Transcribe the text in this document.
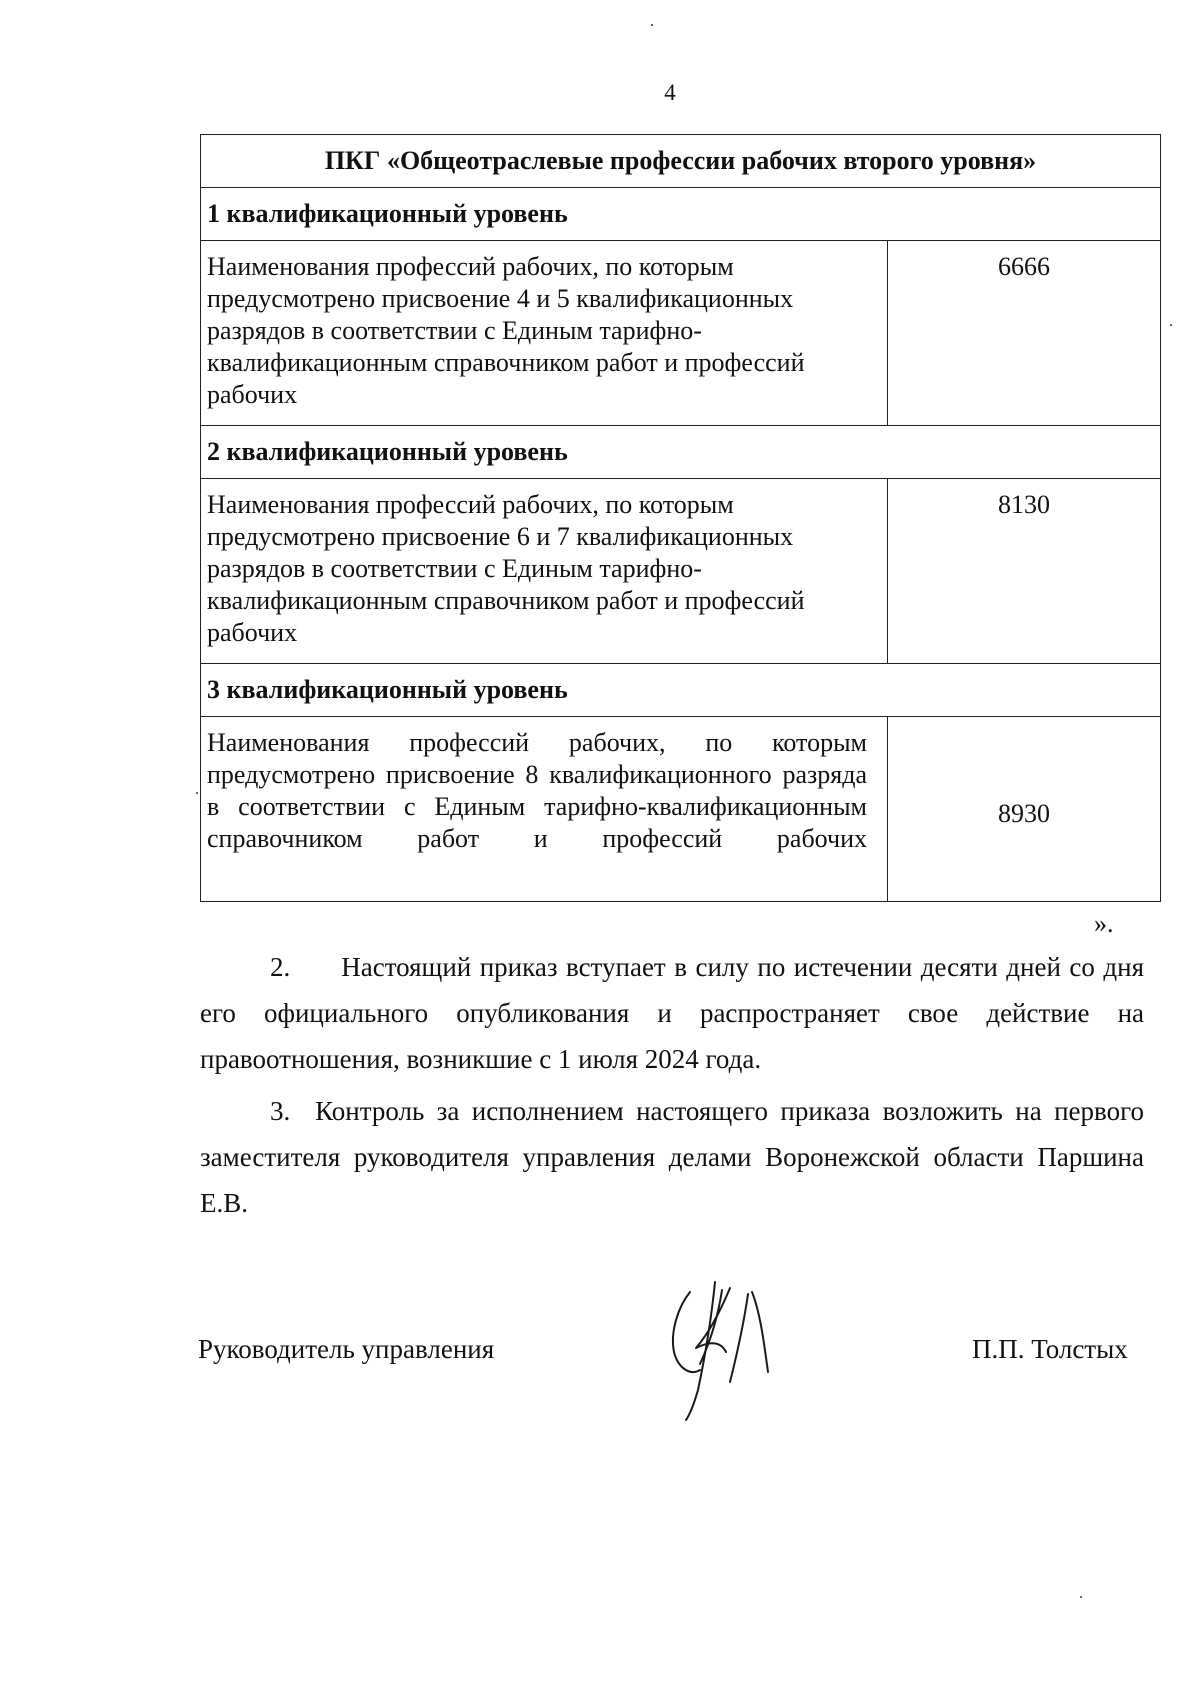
4
ПКГ «Общеотраслевые профессии рабочих второго уровня»	
1 квалификационный уровень	
Наименования профессий рабочих, по которым предусмотрено присвоение 4 и 5 квалификационных разрядов в соответствии с Единым тарифно-квалификационным справочником работ и профессий рабочих	6666
2 квалификационный уровень	
Наименования профессий рабочих, по которым предусмотрено присвоение 6 и 7 квалификационных разрядов в соответствии с Единым тарифно-квалификационным справочником работ и профессий рабочих	8130
3 квалификационный уровень	
Наименования профессий рабочих, по которым предусмотрено присвоение 8 квалификационного разряда в соответствии с Единым тарифно-квалификационным справочником работ и профессий рабочих	8930
».
2. Настоящий приказ вступает в силу по истечении десяти дней со дня его официального опубликования и распространяет свое действие на правоотношения, возникшие с 1 июля 2024 года.
3. Контроль за исполнением настоящего приказа возложить на первого заместителя руководителя управления делами Воронежской области Паршина Е.В.
Руководитель управления	П.П. Толстых
